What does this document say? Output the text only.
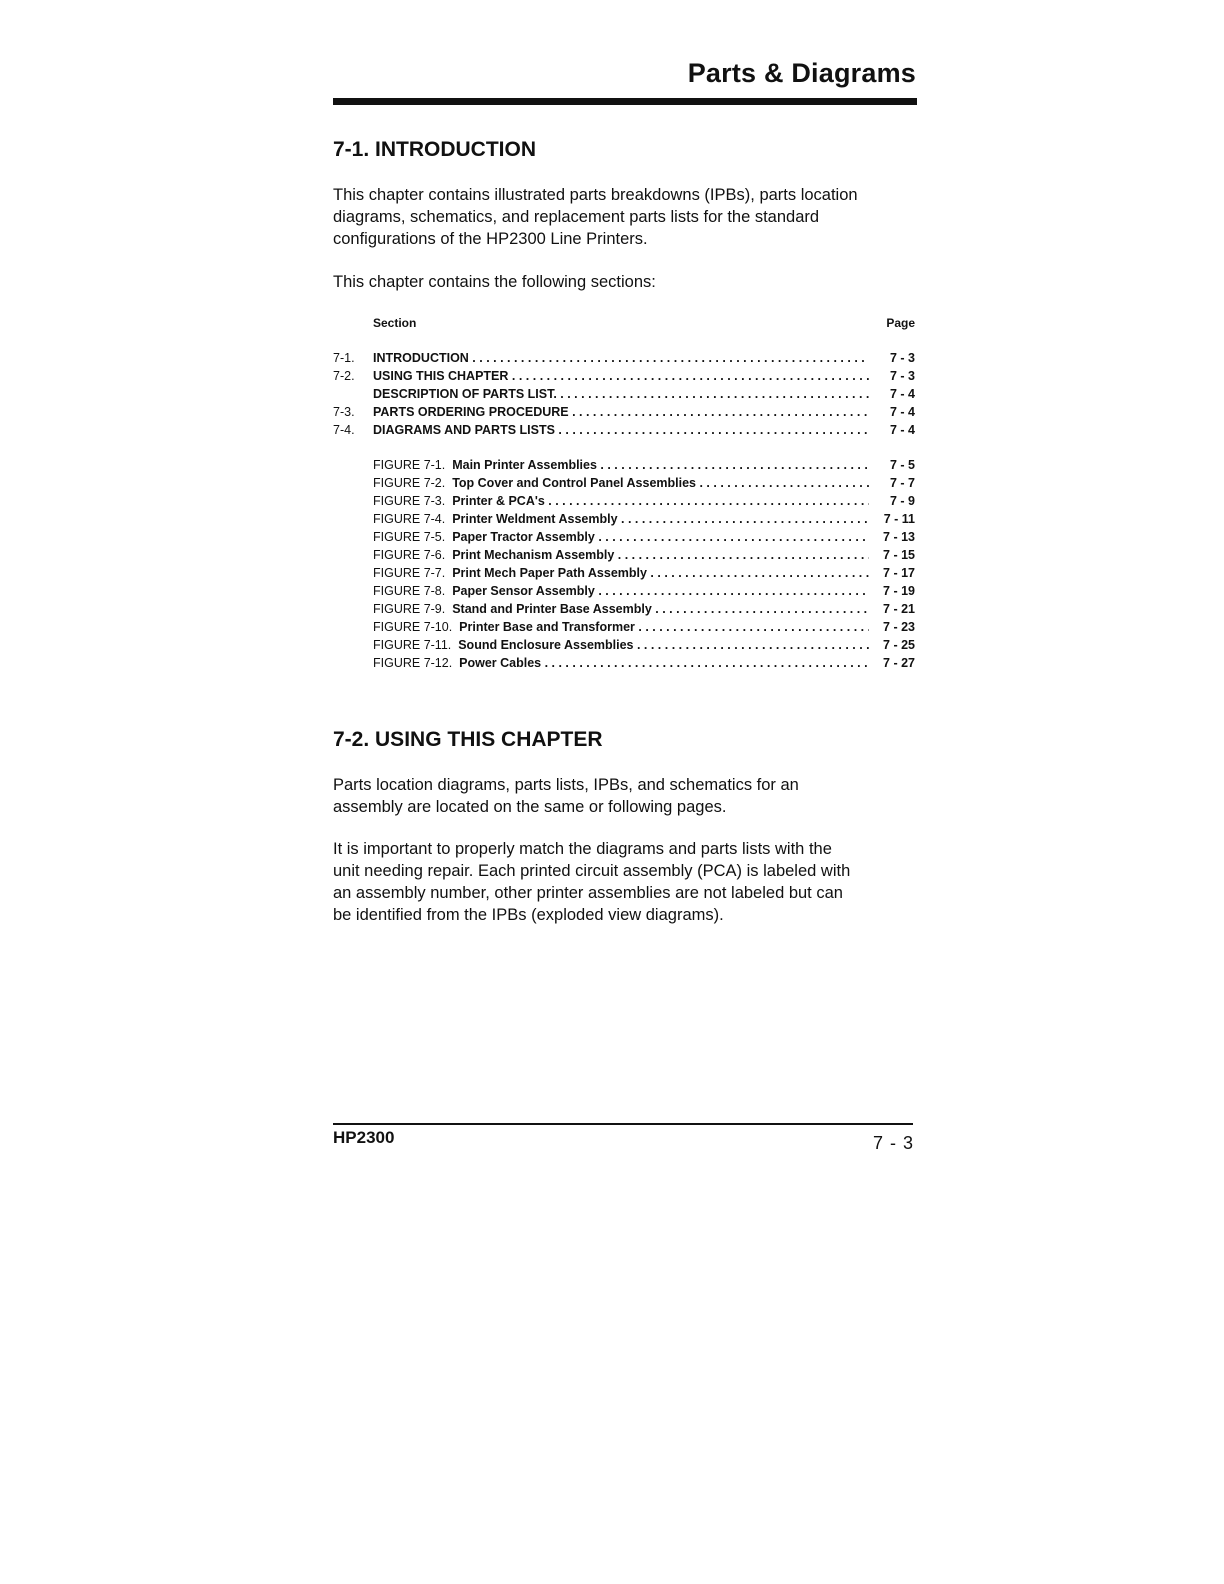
Parts & Diagrams
7-1. INTRODUCTION
This chapter contains illustrated parts breakdowns (IPBs), parts location
diagrams, schematics, and replacement parts lists for the standard
configurations of the HP2300 Line Printers.
This chapter contains the following sections:
Section	Page
7-1. INTRODUCTION . . .	7 - 3
7-2. USING THIS CHAPTER . . .	7 - 3
DESCRIPTION OF PARTS LIST. . . .	7 - 4
7-3. PARTS ORDERING PROCEDURE . . .	7 - 4
7-4. DIAGRAMS AND PARTS LISTS . . .	7 - 4
FIGURE 7-1. Main Printer Assemblies . . .	7 - 5
FIGURE 7-2. Top Cover and Control Panel Assemblies . . .	7 - 7
FIGURE 7-3. Printer & PCA's . . .	7 - 9
FIGURE 7-4. Printer Weldment Assembly . . .	7 - 11
FIGURE 7-5. Paper Tractor Assembly . . .	7 - 13
FIGURE 7-6. Print Mechanism Assembly . . .	7 - 15
FIGURE 7-7. Print Mech Paper Path Assembly . . .	7 - 17
FIGURE 7-8. Paper Sensor Assembly . . .	7 - 19
FIGURE 7-9. Stand and Printer Base Assembly . . .	7 - 21
FIGURE 7-10. Printer Base and Transformer . . .	7 - 23
FIGURE 7-11. Sound Enclosure Assemblies . . .	7 - 25
FIGURE 7-12. Power Cables . . .	7 - 27
7-2. USING THIS CHAPTER
Parts location diagrams, parts lists, IPBs, and schematics for an
assembly are located on the same or following pages.
It is important to properly match the diagrams and parts lists with the
unit needing repair. Each printed circuit assembly (PCA) is labeled with
an assembly number, other printer assemblies are not labeled but can
be identified from the IPBs (exploded view diagrams).
HP2300	7 - 3
